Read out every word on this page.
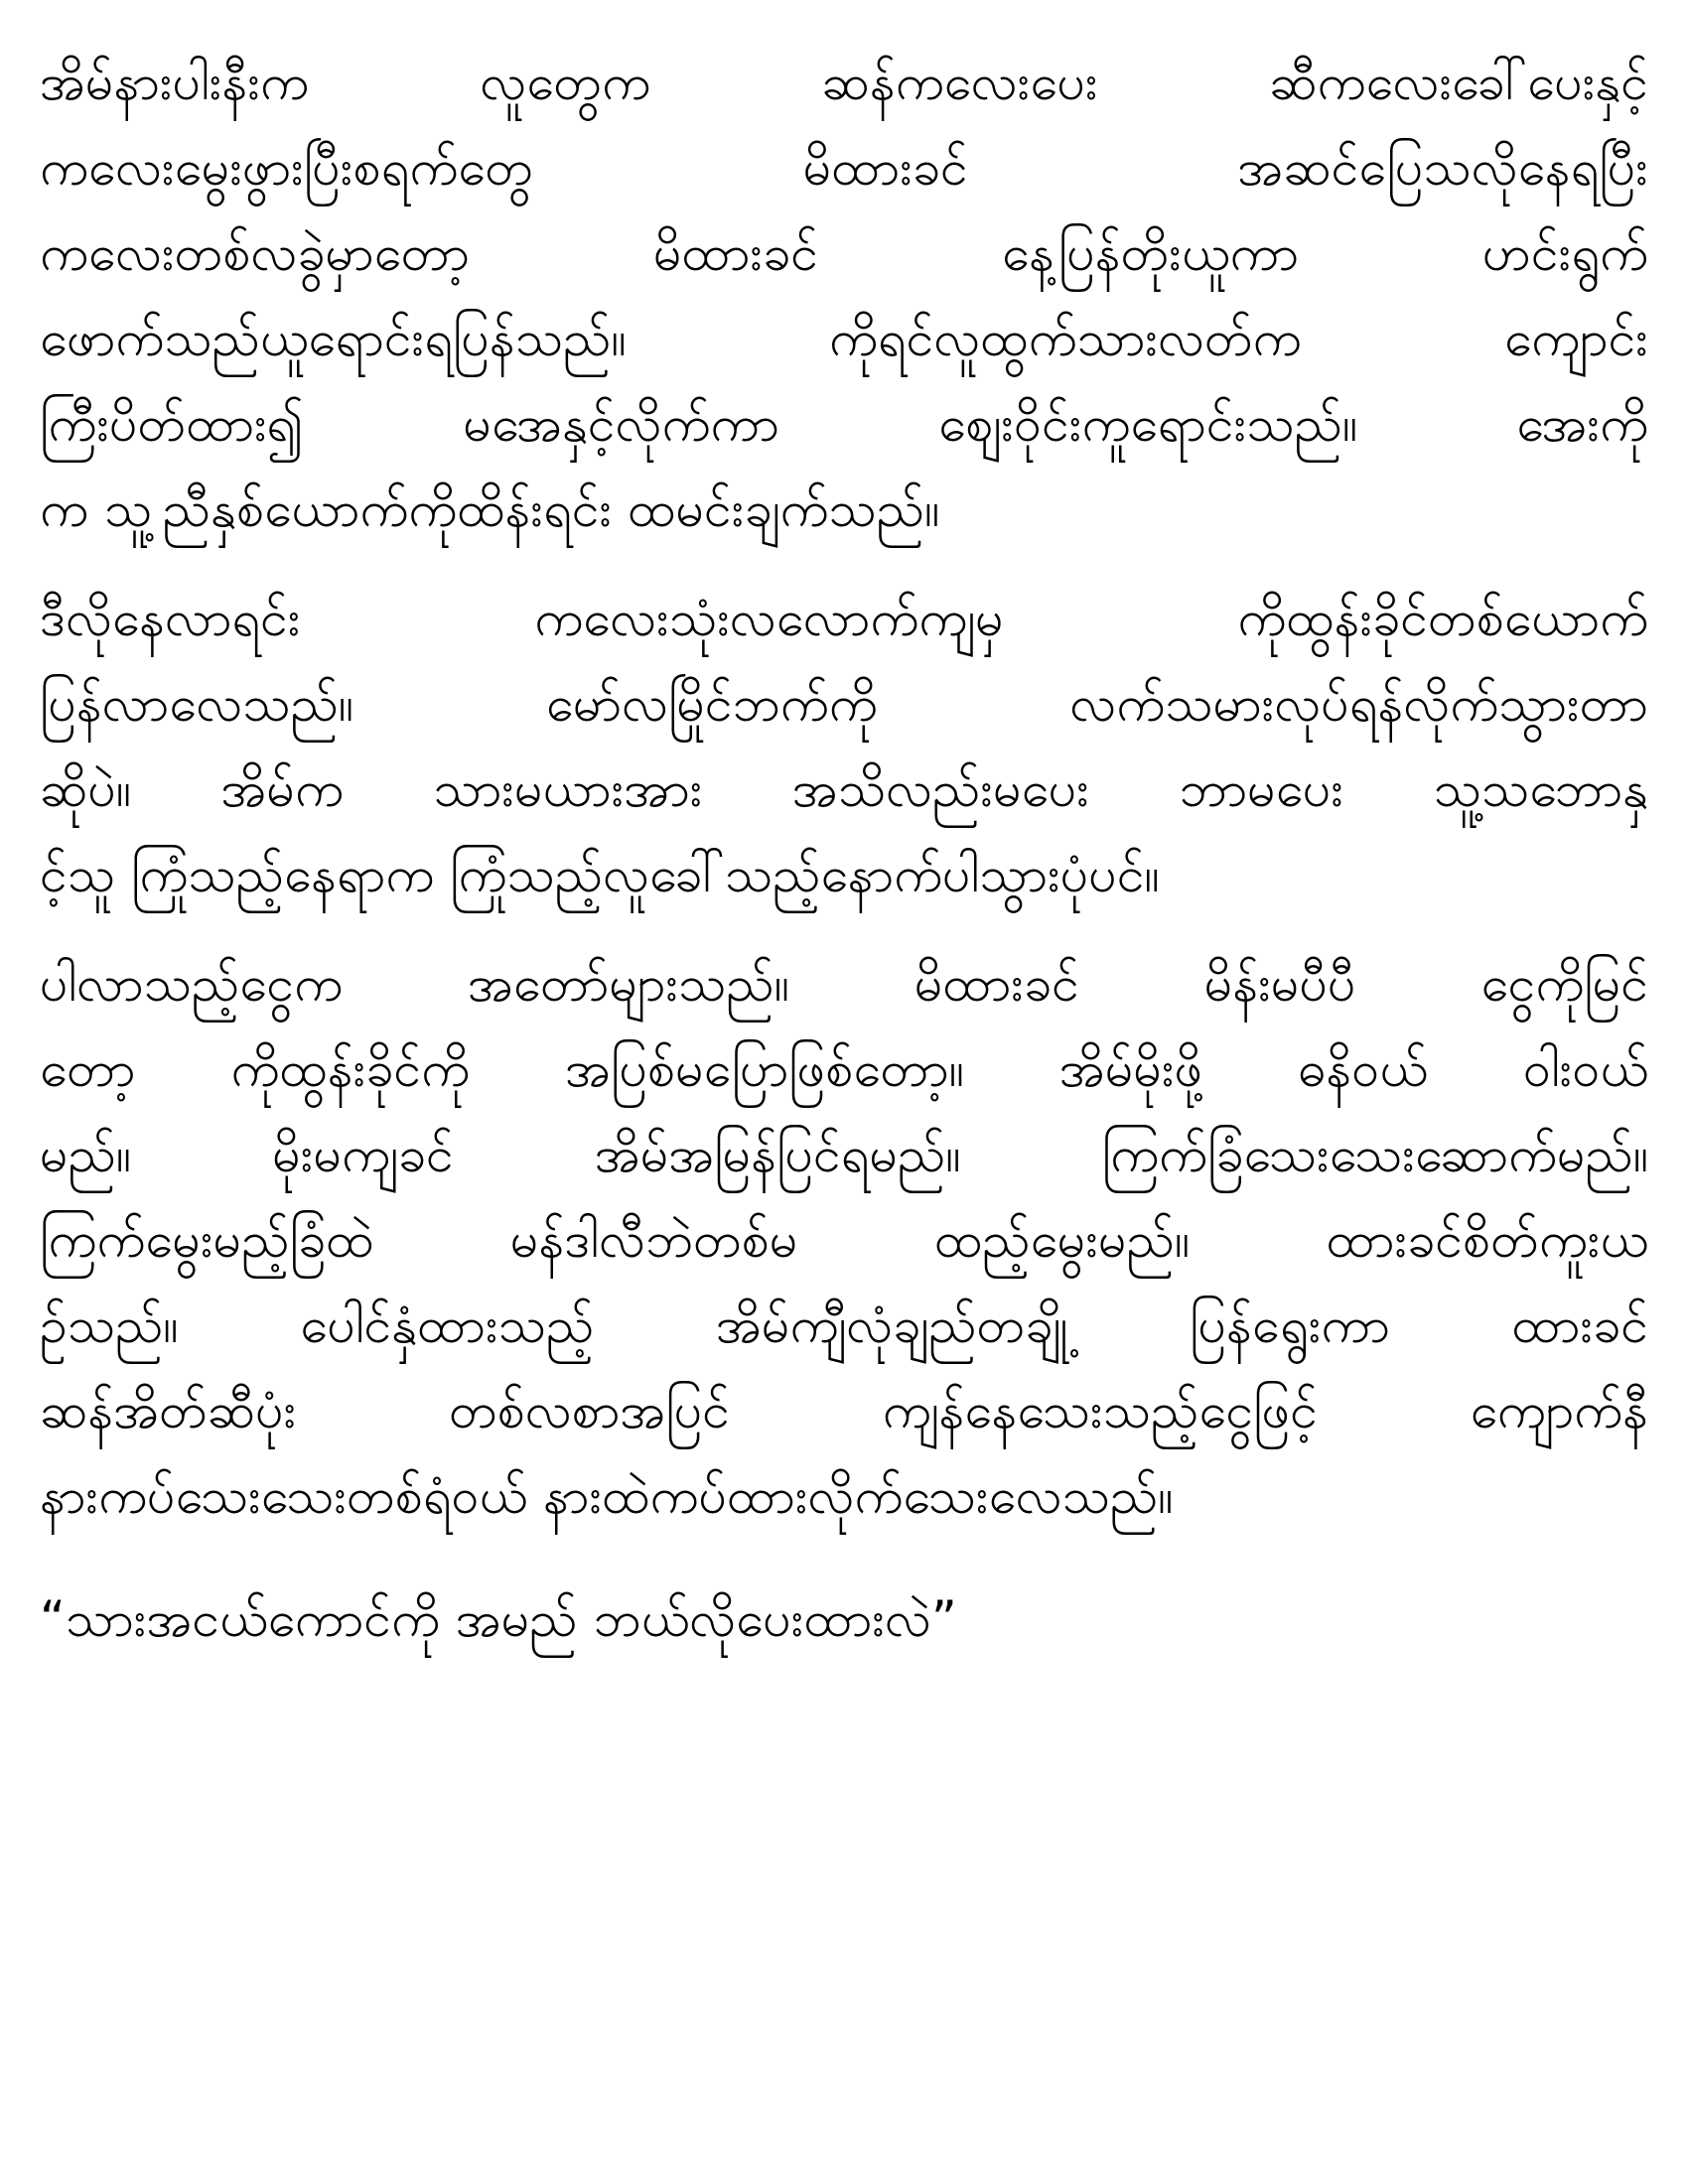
အိမ်နားပါးနီးက လူတွေက ဆန်ကလေးပေး ဆီကလေးခေါ်ပေးနှင့်
ကလေးမွေးဖွားပြီးစရက်တွေ မိထားခင် အဆင်ပြေသလိုနေရပြီး
ကလေးတစ်လခွဲမှာတော့ မိထားခင် နေ့ပြန်တိုးယူကာ ဟင်းရွက်
ဖောက်သည်ယူရောင်းရပြန်သည်။ ကိုရင်လူထွက်သားလတ်က ကျောင်း
ကြီးပိတ်ထား၍ မအေနှင့်လိုက်ကာ စျေးဝိုင်းကူရောင်းသည်။ အေးကို
က သူ့ညီနှစ်ယောက်ကိုထိန်းရင်း ထမင်းချက်သည်။
ဒီလိုနေလာရင်း ကလေးသုံးလလောက်ကျမှ ကိုထွန်းခိုင်တစ်ယောက်
ပြန်လာလေသည်။ မော်လမြိုင်ဘက်ကို လက်သမားလုပ်ရန်လိုက်သွားတာ
ဆိုပဲ။ အိမ်က သားမယားအား အသိလည်းမပေး ဘာမပေး သူ့သဘောနှ
င့်သူ ကြုံသည့်နေရာက ကြုံသည့်လူခေါ်သည့်နောက်ပါသွားပုံပင်။
ပါလာသည့်ငွေက အတော်များသည်။ မိထားခင် မိန်းမပီပီ ငွေကိုမြင်
တော့ ကိုထွန်းခိုင်ကို အပြစ်မပြောဖြစ်တော့။ အိမ်မိုးဖို့ ဓနိဝယ် ဝါးဝယ်
မည်။ မိုးမကျခင် အိမ်အမြန်ပြင်ရမည်။ ကြက်ခြံသေးသေးဆောက်မည်။
ကြက်မွေးမည့်ခြံထဲ မန်ဒါလီဘဲတစ်မ ထည့်မွေးမည်။ ထားခင်စိတ်ကူးယ
ဉ်သည်။ ပေါင်နှံထားသည့် အိမ်ကျီလုံချည်တချို့ ပြန်ရွေးကာ ထားခင်
ဆန်အိတ်ဆီပုံး တစ်လစာအပြင် ကျန်နေသေးသည့်ငွေဖြင့် ကျောက်နီ
နားကပ်သေးသေးတစ်ရံဝယ် နားထဲကပ်ထားလိုက်သေးလေသည်။
“သားအငယ်ကောင်ကို အမည် ဘယ်လိုပေးထားလဲ”
